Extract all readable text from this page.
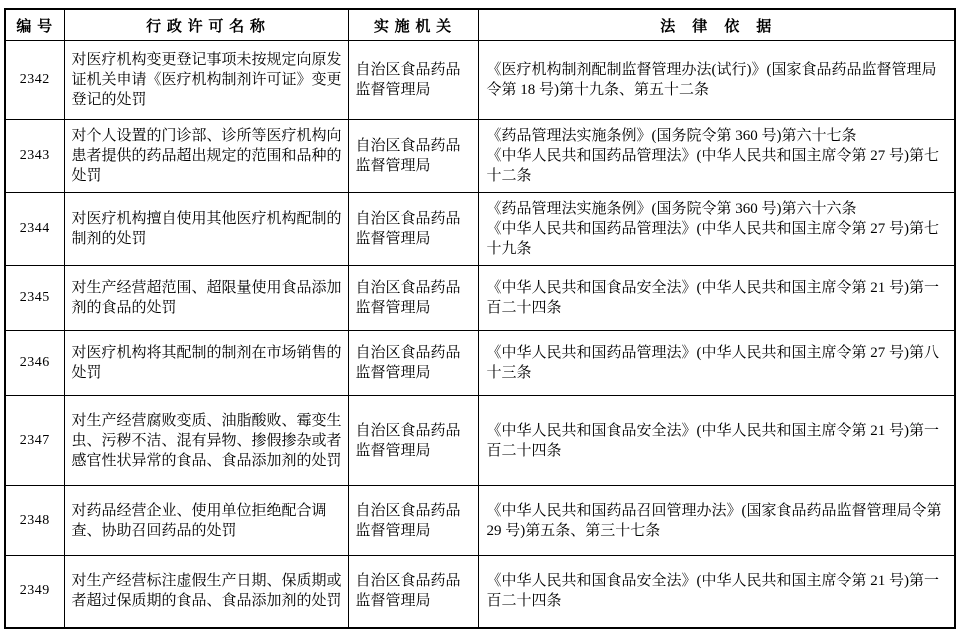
编 号	行 政 许 可 名 称	实 施 机 关	法　律　依　据
2342	对医疗机构变更登记事项未按规定向原发证机关申请《医疗机构制剂许可证》变更登记的处罚	自治区食品药品监督管理局	《医疗机构制剂配制监督管理办法(试行)》(国家食品药品监督管理局令第 18 号)第十九条、第五十二条

2343	对个人设置的门诊部、诊所等医疗机构向患者提供的药品超出规定的范围和品种的处罚	自治区食品药品监督管理局	《药品管理法实施条例》(国务院令第 360 号)第六十七条
《中华人民共和国药品管理法》(中华人民共和国主席令第 27 号)第七十二条

2344	对医疗机构擅自使用其他医疗机构配制的制剂的处罚	自治区食品药品监督管理局	《药品管理法实施条例》(国务院令第 360 号)第六十六条
《中华人民共和国药品管理法》(中华人民共和国主席令第 27 号)第七十九条

2345	对生产经营超范围、超限量使用食品添加剂的食品的处罚	自治区食品药品监督管理局	《中华人民共和国食品安全法》(中华人民共和国主席令第 21 号)第一百二十四条

2346	对医疗机构将其配制的制剂在市场销售的处罚	自治区食品药品监督管理局	《中华人民共和国药品管理法》(中华人民共和国主席令第 27 号)第八十三条

2347	对生产经营腐败变质、油脂酸败、霉变生虫、污秽不洁、混有异物、掺假掺杂或者感官性状异常的食品、食品添加剂的处罚	自治区食品药品监督管理局	《中华人民共和国食品安全法》(中华人民共和国主席令第 21 号)第一百二十四条

2348	对药品经营企业、使用单位拒绝配合调查、协助召回药品的处罚	自治区食品药品监督管理局	《中华人民共和国药品召回管理办法》(国家食品药品监督管理局令第 29 号)第五条、第三十七条

2349	对生产经营标注虚假生产日期、保质期或者超过保质期的食品、食品添加剂的处罚	自治区食品药品监督管理局	《中华人民共和国食品安全法》(中华人民共和国主席令第 21 号)第一百二十四条
